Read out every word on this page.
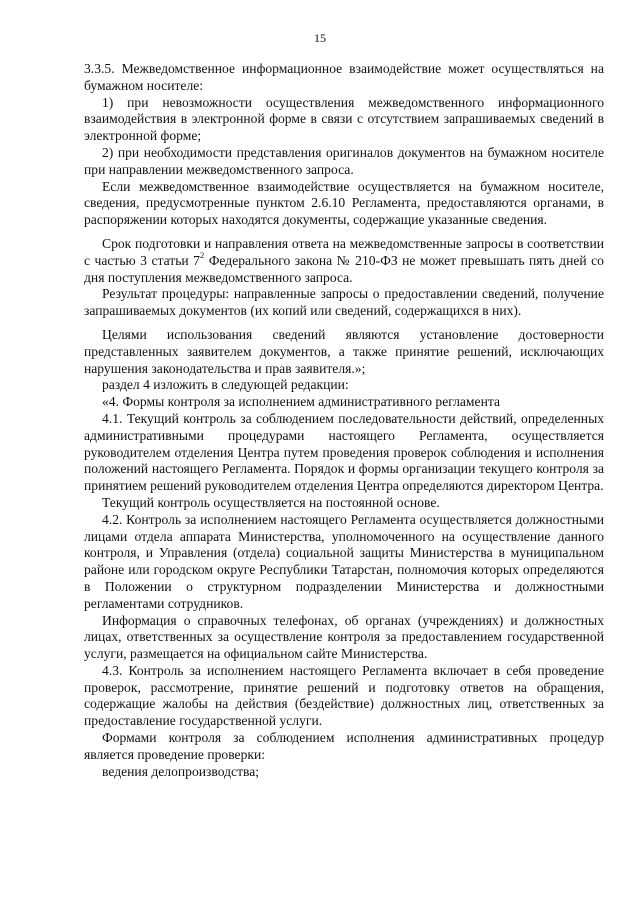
15

3.3.5. Межведомственное информационное взаимодействие может осуществляться на бумажном носителе:

1) при невозможности осуществления межведомственного информационного взаимодействия в электронной форме в связи с отсутствием запрашиваемых сведений в электронной форме;

2) при необходимости представления оригиналов документов на бумажном носителе при направлении межведомственного запроса.

Если межведомственное взаимодействие осуществляется на бумажном носителе, сведения, предусмотренные пунктом 2.6.10 Регламента, предоставляются органами, в распоряжении которых находятся документы, содержащие указанные сведения.

Срок подготовки и направления ответа на межведомственные запросы в соответствии с частью 3 статьи $7^2$ Федерального закона № 210-ФЗ не может превышать пять дней со дня поступления межведомственного запроса.

Результат процедуры: направленные запросы о предоставлении сведений, получение запрашиваемых документов (их копий или сведений, содержащихся в них).

Целями использования сведений являются установление достоверности представленных заявителем документов, а также принятие решений, исключающих нарушения законодательства и прав заявителя.»;

раздел 4 изложить в следующей редакции:

«4. Формы контроля за исполнением административного регламента

4.1. Текущий контроль за соблюдением последовательности действий, определенных административными процедурами настоящего Регламента, осуществляется руководителем отделения Центра путем проведения проверок соблюдения и исполнения положений настоящего Регламента. Порядок и формы организации текущего контроля за принятием решений руководителем отделения Центра определяются директором Центра.

Текущий контроль осуществляется на постоянной основе.

4.2. Контроль за исполнением настоящего Регламента осуществляется должностными лицами отдела аппарата Министерства, уполномоченного на осуществление данного контроля, и Управления (отдела) социальной защиты Министерства в муниципальном районе или городском округе Республики Татарстан, полномочия которых определяются в Положении о структурном подразделении Министерства и должностными регламентами сотрудников.

Информация о справочных телефонах, об органах (учреждениях) и должностных лицах, ответственных за осуществление контроля за предоставлением государственной услуги, размещается на официальном сайте Министерства.

4.3. Контроль за исполнением настоящего Регламента включает в себя проведение проверок, рассмотрение, принятие решений и подготовку ответов на обращения, содержащие жалобы на действия (бездействие) должностных лиц, ответственных за предоставление государственной услуги.

Формами контроля за соблюдением исполнения административных процедур является проведение проверки:

ведения делопроизводства;
